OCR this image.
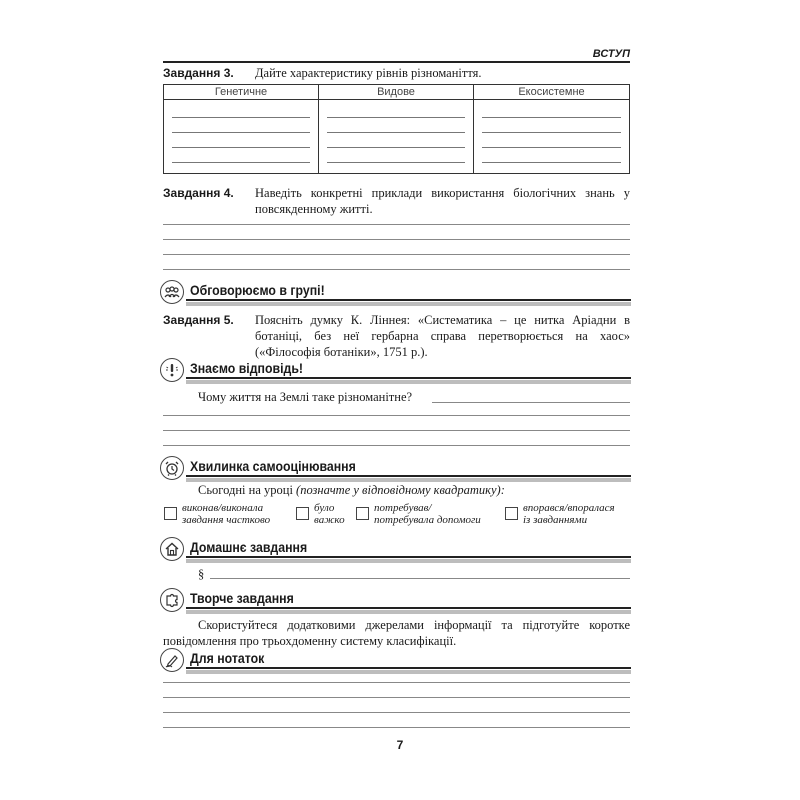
ВСТУП
Завдання 3. Дайте характеристику рівнів різноманіття.
Генетичне	Видове	Екосистемне
Завдання 4. Наведіть конкретні приклади використання біологічних знань у повсякденному житті.
Обговорюємо в групі!
Завдання 5. Поясніть думку К. Ліннея: «Систематика – це нитка Аріадни в ботаніці, без неї гербарна справа перетворюється на хаос» («Філософія ботаніки», 1751 р.).
Знаємо відповідь!
Чому життя на Землі таке різноманітне?
Хвилинка самооцінювання
Сьогодні на уроці (позначте у відповідному квадратику):
виконав/виконала
завдання частково
було
важко
потребував/
потребувала допомоги
впорався/впоралася
із завданнями
Домашнє завдання
§
Творче завдання
Скористуйтеся додатковими джерелами інформації та підготуйте коротке повідомлення про трьохдоменну систему класифікації.
Для нотаток
7
